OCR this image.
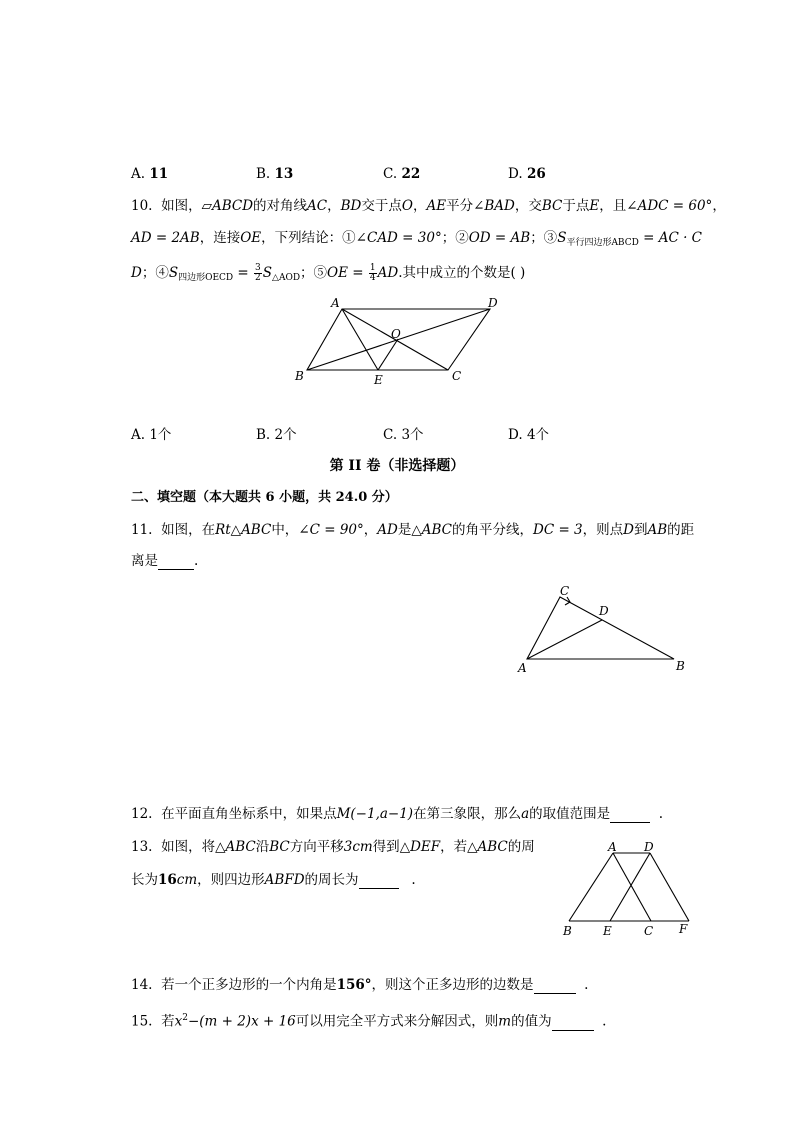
A. 11	B. 13	C. 22	D. 26
10. 如图，▱ABCD的对角线AC，BD交于点O，AE平分∠BAD，交BC于点E，且∠ADC = 60°，
AD = 2AB，连接OE，下列结论：①∠CAD = 30°；②OD = AB；$③S_{平行四边形ABCD}$ = AC · C
D；$④S_{四边形OECD} = \frac{3}{2} S_{\triangle AOD}$；⑤OE = $\frac{1}{4}$ AD.其中成立的个数是( )
A	D
O
B	E	C
A. 1个	B. 2个	C. 3个	D. 4个
第 II 卷（非选择题）
二、填空题（本大题共 6 小题，共 24.0 分）
11. 如图，在Rt△ABC中，∠C = 90°，AD是△ABC的角平分线，DC = 3，则点D到AB的距
离是	.
C
D
A	B
12. 在平面直角坐标系中，如果点M(−1,a−1)在第三象限，那么a的取值范围是	.
13. 如图，将△ABC沿BC方向平移3cm得到△DEF，若△ABC的周
长为16cm，则四边形ABFD的周长为	.
A D
B	E	C F
14. 若一个正多边形的一个内角是156°，则这个正多边形的边数是	.
15. 若$x^2-(m + 2)x + 16$可以用完全平方式来分解因式，则m的值为	.
